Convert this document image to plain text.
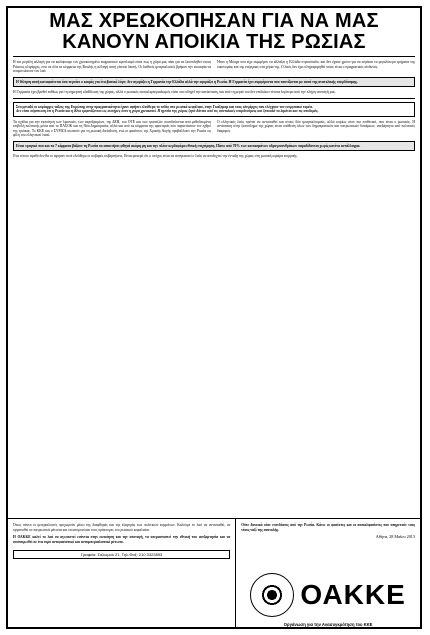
ΜΑΣ ΧΡΕΩΚΟΠΗΣΑΝ ΓΙΑ ΝΑ ΜΑΣ
ΚΑΝΟΥΝ ΑΠΟΙΚΙΑ ΤΗΣ ΡΩΣΙΑΣ

Η πιο μεγάλη αλλαγή για να καλύψουμε τον χρεοκοπημένο εκφραστικό εφοπλισμό είναι πως η χώρα μας πάει για να ξεπουληθεί στους Ρώσους ολιγάρχες, ενώ σε όλα τα κόμματα της Βουλής η αλλαγή αυτή γίνεται δεκτή. Οι διεθνείς ιμπεριαλιστές βρήκαν την ευκαιρία να απομονώσουν τον λαό.

Ήταν η Μόσχα που είχε συμφέρον να αλλάξει η Ελλάδα στρατόπεδο, και δεν έχασε χρόνο για να περάσει τα μεγαλύτερα τμήματα της οικονομίας και της ενέργειας στα χέρια της. Ο λαός δεν έχει πληροφορηθεί ποιος είναι ο πραγματικός κίνδυνος.

Η θέληση αυτή καταφαίνεται όσο περνάει ο καιρός για ένα βασικό λόγο: δεν αγοράζει η Γερμανία την Ελλάδα αλλά την αγοράζει η Ρωσία. Η Γερμανία έχει συμφέροντα που ταυτίζονται με αυτά της ανατολικής υπερδύναμης.

Η Γερμανία έχει βρεθεί ευθέως για τη σημερινή εξαθλίωση της χώρας, αλλά ο ρωσικός σοσιαλιμπεριαλισμός είναι που οδηγεί την κατάσταση, και από τη μεριά του δεν επιδιώκει τίποτα λιγότερο από την πλήρη υποταγή μας.

Στο μεταξύ οι κυρίαρχες τάξεις της Ευρώπης στην πραγματικότητα έχουν αφήσει ελεύθερο το πεδίο στο ρωσικό κεφάλαιο, στην Γκάζπρομ και τους ολιγάρχες που ελέγχουν τον ενεργειακό τομέα.

Δεν είναι σύμπτωση ότι η Ρωσία και η Κίνα εμφανίζονται ως σωτήρες όταν η χώρα χρεοκοπεί. Η ηγεσία της χώρας ζητά δάνεια από τις ανατολικές υπερδυνάμεις και ξεπουλά τα λιμάνια και τις υποδομές.

Τα σχέδια για την εκποίηση των λιμανιών, των αεροδρομίων, της ΔΕΗ, του ΟΤΕ και των τραπεζών συνοδεύονται από μεθοδευμένη επιβολή πολιτικής μέσα από το ΠΑΣΟΚ και τη Νέα Δημοκρατία, αλλά και από τα κόμματα της αριστεράς που παριστάνουν τον εχθρό της τρόικας. Το ΚΚΕ και ο ΣΥΡΙΖΑ σιωπούν για τη ρωσική διείσδυση, ενώ οι φασίστες της Χρυσής Αυγής προβάλλουν την Ρωσία ως φίλη του ελληνικού λαού.

Ο ελληνικός λαός πρέπει να αντισταθεί και στους δύο ιμπεριαλισμούς, αλλά κυρίως στον πιο επιθετικό, που είναι ο ρωσικός. Η αντίσταση στην ξεπούλημα της χώρας είναι υπόθεση όλων των δημοκρατικών και πατριωτικών δυνάμεων, ανεξάρτητα από πολιτικές διαφορές.

Είναι τραγικό που και τα 7 κόμματα βάζουν τη Ρωσία να αποκτήσει φθηνά ακόμη μη και την πλέον κερδοφόρα εθνική επιχείρηση. Πάνω από 70% των κοιτασμάτων υδρογονανθράκων παραδίδονται χωρίς κανένα αντάλλαγμα.

Ένα τέτοιο αγαθό δεν θα το άφηναν ποτέ ελεύθερο οι σοβαρές κυβερνήσεις. Είναι φανερό ότι ο στόχος είναι να αναγκαστεί ο λαός να αποδεχτεί την ένταξη της χώρας στη ρωσική σφαίρα επιρροής.

Όπως πάντα οι ιμπεριαλιστές προχωρούν μέσω της διαφθοράς και της εξαγοράς των πολιτικών κομμάτων. Καλούμε το λαό να αντισταθεί, να οργανωθεί σε πατριωτικά μέτωπα και να απομονώσει τους πράκτορες του ρωσικού κεφαλαίου.

Η ΟΑΚΚΕ καλεί το λαό να αγωνιστεί ενάντια στην εκποίηση και την υποταγή, να υπερασπιστεί την εθνική του ανεξαρτησία και να συσπειρωθεί σε ένα ευρύ αντιφασιστικό και αντιιμπεριαλιστικό μέτωπο.

Γραφεία: Σολωμού 21, Τηλ-Φαξ: 210 3323593

Ούτε δανεικά ούτε επενδύσεις από την Ρωσία. Κάτω οι φασίστες και οι σοσιαλφασίστες που υπηρετούν τους νέους ναζί της ανατολής.

Αθήνα, 28 Μαΐου 2013
ΟΑΚΚΕ
Οργάνωση για την Ανασυγκρότηση του ΚΚΕ
